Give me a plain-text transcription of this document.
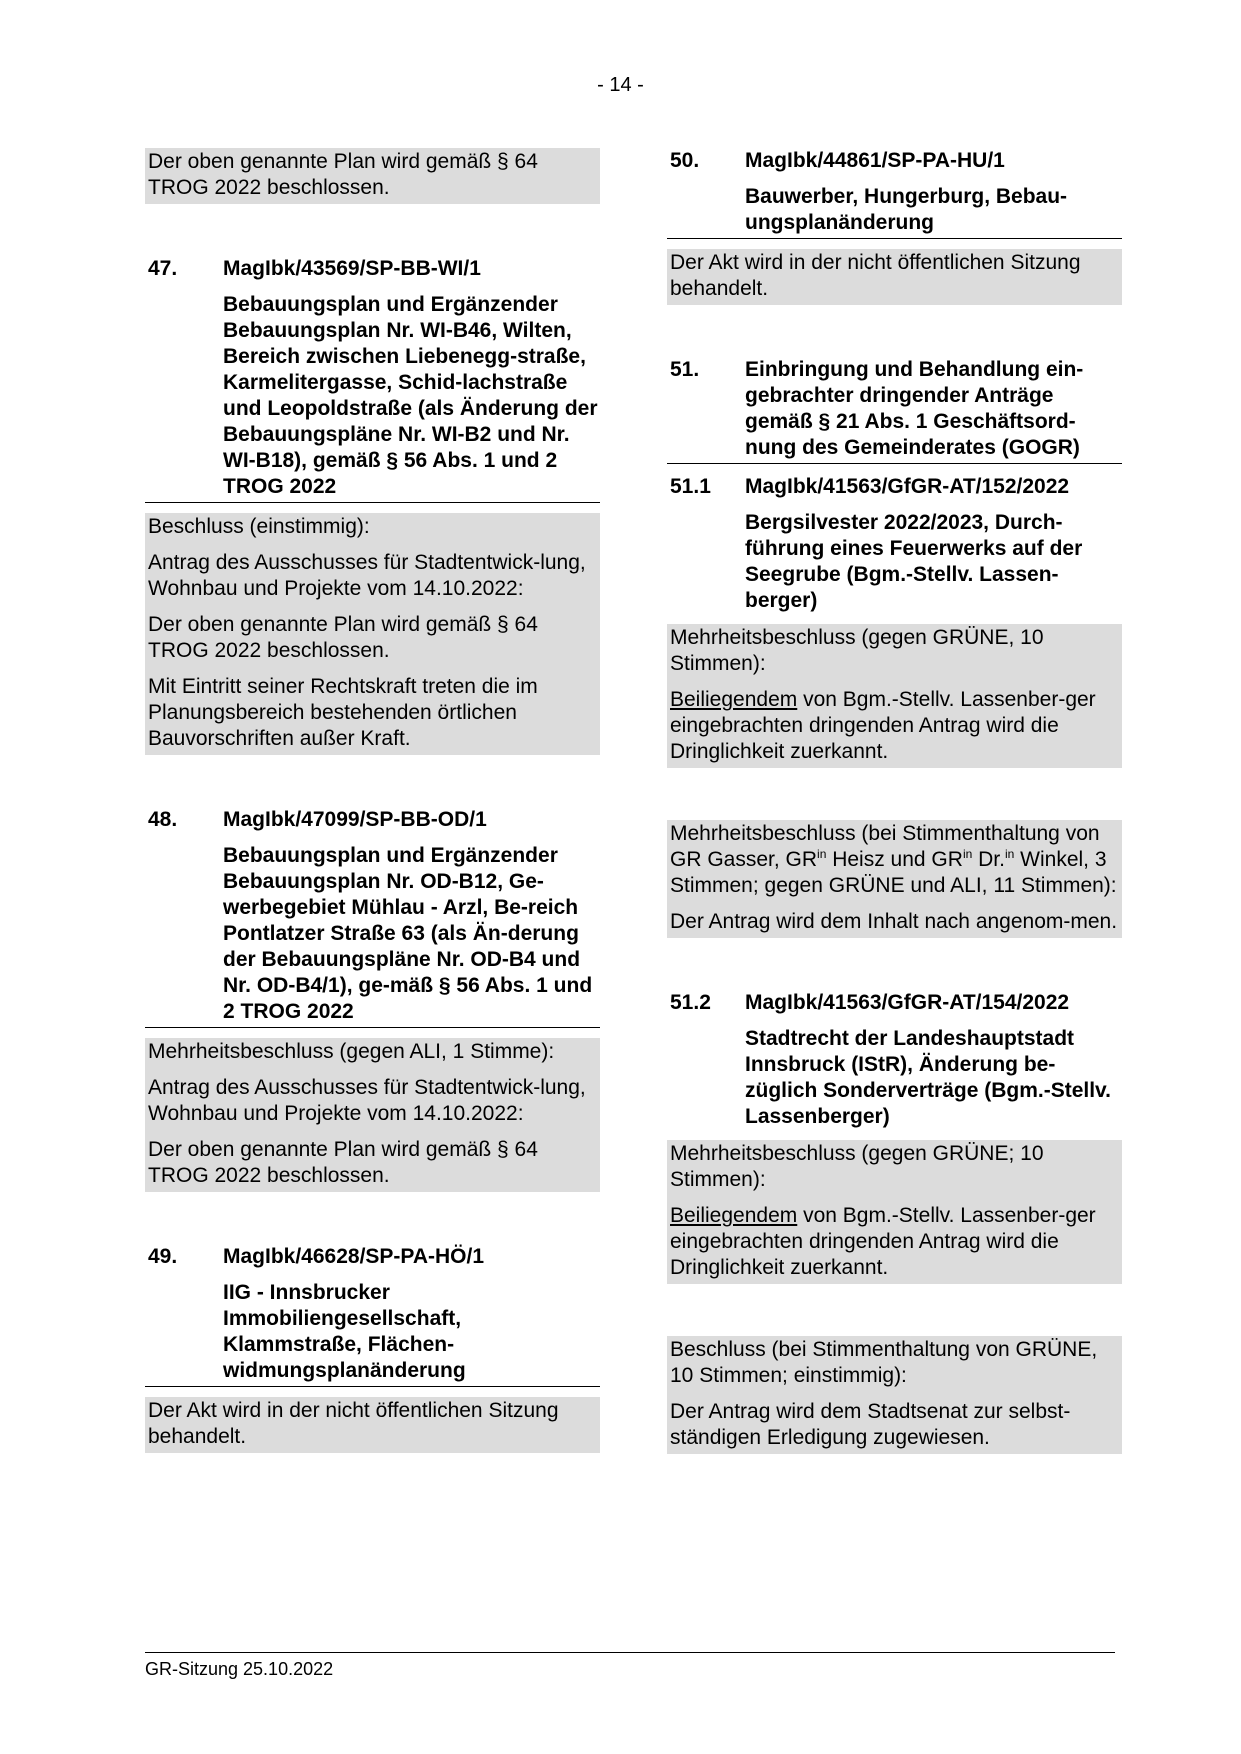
- 14 -

Der oben genannte Plan wird gemäß § 64 TROG 2022 beschlossen.

47.	MagIbk/43569/SP-BB-WI/1
Bebauungsplan und Ergänzender Bebauungsplan Nr. WI-B46, Wilten, Bereich zwischen Liebenegg-straße, Karmelitergasse, Schid-lachstraße und Leopoldstraße (als Änderung der Bebauungspläne Nr. WI-B2 und Nr. WI-B18), gemäß § 56 Abs. 1 und 2 TROG 2022

Beschluss (einstimmig):

Antrag des Ausschusses für Stadtentwick-lung, Wohnbau und Projekte vom 14.10.2022:

Der oben genannte Plan wird gemäß § 64 TROG 2022 beschlossen.

Mit Eintritt seiner Rechtskraft treten die im Planungsbereich bestehenden örtlichen Bauvorschriften außer Kraft.

48.	MagIbk/47099/SP-BB-OD/1
Bebauungsplan und Ergänzender Bebauungsplan Nr. OD-B12, Ge-werbegebiet Mühlau - Arzl, Be-reich Pontlatzer Straße 63 (als Än-derung der Bebauungspläne Nr. OD-B4 und Nr. OD-B4/1), ge-mäß § 56 Abs. 1 und 2 TROG 2022

Mehrheitsbeschluss (gegen ALI, 1 Stimme):

Antrag des Ausschusses für Stadtentwick-lung, Wohnbau und Projekte vom 14.10.2022:

Der oben genannte Plan wird gemäß § 64 TROG 2022 beschlossen.

49.	MagIbk/46628/SP-PA-HÖ/1
IIG - Innsbrucker Immobiliengesellschaft, Klammstraße, Flächen-widmungsplanänderung

Der Akt wird in der nicht öffentlichen Sitzung behandelt.

50.	MagIbk/44861/SP-PA-HU/1
Bauwerber, Hungerburg, Bebau-ungsplanänderung

Der Akt wird in der nicht öffentlichen Sitzung behandelt.

51.	Einbringung und Behandlung ein-gebrachter dringender Anträge gemäß § 21 Abs. 1 Geschäftsord-nung des Gemeinderates (GOGR)
51.1	MagIbk/41563/GfGR-AT/152/2022
Bergsilvester 2022/2023, Durch-führung eines Feuerwerks auf der Seegrube (Bgm.-Stellv. Lassen-berger)

Mehrheitsbeschluss (gegen GRÜNE, 10 Stimmen):

Beiliegendem von Bgm.-Stellv. Lassenber-ger eingebrachten dringenden Antrag wird die Dringlichkeit zuerkannt.

Mehrheitsbeschluss (bei Stimmenthaltung von GR Gasser, $GR^{in}$ Heisz und $GR^{in}$ Dr.$^{in}$ Winkel, 3 Stimmen; gegen GRÜNE und ALI, 11 Stimmen):

Der Antrag wird dem Inhalt nach angenom-men.

51.2	MagIbk/41563/GfGR-AT/154/2022
Stadtrecht der Landeshauptstadt Innsbruck (IStR), Änderung be-züglich Sonderverträge (Bgm.-Stellv. Lassenberger)

Mehrheitsbeschluss (gegen GRÜNE; 10 Stimmen):

Beiliegendem von Bgm.-Stellv. Lassenber-ger eingebrachten dringenden Antrag wird die Dringlichkeit zuerkannt.

Beschluss (bei Stimmenthaltung von GRÜNE, 10 Stimmen; einstimmig):

Der Antrag wird dem Stadtsenat zur selbst-ständigen Erledigung zugewiesen.

GR-Sitzung 25.10.2022
